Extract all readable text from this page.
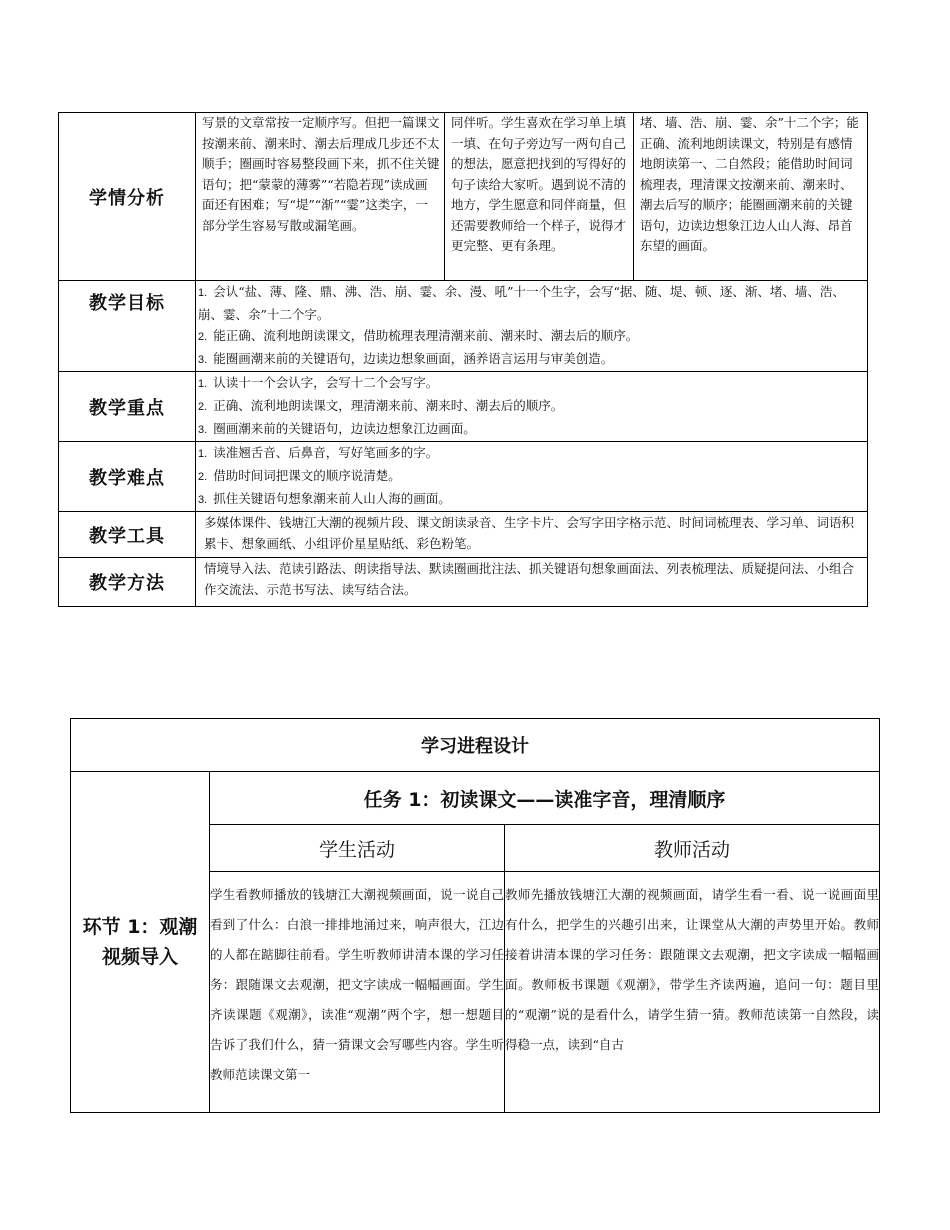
学情分析	写景的文章常按一定顺序写。但把一篇课文按潮来前、潮来时、潮去后理成几步还不太顺手；圈画时容易整段画下来，抓不住关键语句；把“蒙蒙的薄雾”“若隐若现”读成画面还有困难；写“堤”“渐”“霎”这类字，一部分学生容易写散或漏笔画。	同伴听。学生喜欢在学习单上填一填、在句子旁边写一两句自己的想法，愿意把找到的写得好的句子读给大家听。遇到说不清的地方，学生愿意和同伴商量，但还需要教师给一个样子，说得才更完整、更有条理。	堵、墙、浩、崩、霎、余”十二个字；能正确、流利地朗读课文，特别是有感情地朗读第一、二自然段；能借助时间词梳理表，理清课文按潮来前、潮来时、潮去后写的顺序；能圈画潮来前的关键语句，边读边想象江边人山人海、昂首东望的画面。
教学目标	1. 会认“盐、薄、隆、鼎、沸、浩、崩、霎、余、漫、吼”十一个生字，会写“据、随、堤、顿、逐、渐、堵、墙、浩、崩、霎、余”十二个字。
2. 能正确、流利地朗读课文，借助梳理表理清潮来前、潮来时、潮去后的顺序。
3. 能圈画潮来前的关键语句，边读边想象画面，涵养语言运用与审美创造。		

教学重点	1. 认读十一个会认字，会写十二个会写字。
2. 正确、流利地朗读课文，理清潮来前、潮来时、潮去后的顺序。
3. 圈画潮来前的关键语句，边读边想象江边画面。		

教学难点	1. 读准翘舌音、后鼻音，写好笔画多的字。
2. 借助时间词把课文的顺序说清楚。
3. 抓住关键语句想象潮来前人山人海的画面。		

教学工具	多媒体课件、钱塘江大潮的视频片段、课文朗读录音、生字卡片、会写字田字格示范、时间词梳理表、学习单、词语积累卡、想象画纸、小组评价星星贴纸、彩色粉笔。		
教学方法	情境导入法、范读引路法、朗读指导法、默读圈画批注法、抓关键语句想象画面法、列表梳理法、质疑提问法、小组合作交流法、示范书写法、读写结合法。		
学习进程设计		
环节 1：观潮视频导入	任务 1：初读课文——读准字音，理清顺序	
	学生活动	教师活动

	学生看教师播放的钱塘江大潮视频画面，说一说自己看到了什么：白浪一排排地涌过来，响声很大，江边的人都在踮脚往前看。学生听教师讲清本课的学习任务：跟随课文去观潮，把文字读成一幅幅画面。学生齐读课题《观潮》，读准“观潮”两个字，想一想题目告诉了我们什么，猜一猜课文会写哪些内容。学生听教师范读课文第一	教师先播放钱塘江大潮的视频画面，请学生看一看、说一说画面里有什么，把学生的兴趣引出来，让课堂从大潮的声势里开始。教师接着讲清本课的学习任务：跟随课文去观潮，把文字读成一幅幅画面。教师板书课题《观潮》，带学生齐读两遍，追问一句：题目里的“观潮”说的是看什么，请学生猜一猜。教师范读第一自然段，读得稳一点，读到“自古
